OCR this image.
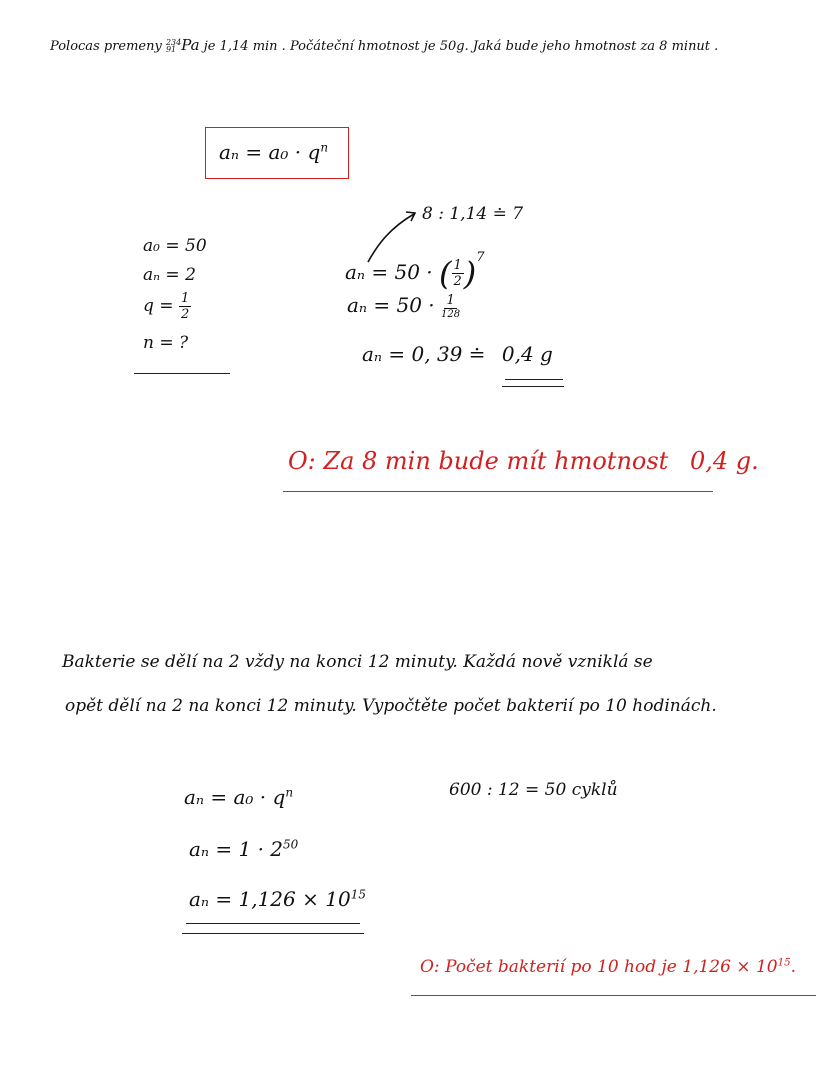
Polocas premeny 234
91 Pa je 1,14 min . Počáteční hmotnost je 50g. Jaká bude jeho hmotnost za 8 minut .
$a_n = a_0 \cdot q^n$
a₀ = 50
aₙ = 2
$q = \frac{1}{2}$
n = ?
8 : 1,14 ≐ 7
aₙ = 50 · ( $\frac{1}{2} )^7$
$a_n = 50 \cdot \frac{1}{128}$
aₙ = 0, 39 ≐ 0,4 g
O: Za 8 min bude mít hmotnost 0,4 g.
Bakterie se dělí na 2 vždy na konci 12 minuty. Každá nově vzniklá se
opět dělí na 2 na konci 12 minuty. Vypočtěte počet bakterií po 10 hodinách.
$a_n = a_0 \cdot q^n$	600 : 12 = 50 cyklů
$a_n = 1 \cdot 2^{50}$
$a_n = 1,126 \times 10^{15}$
O: Počet bakterií po 10 hod je $1,126 \times 10^{15}$.
